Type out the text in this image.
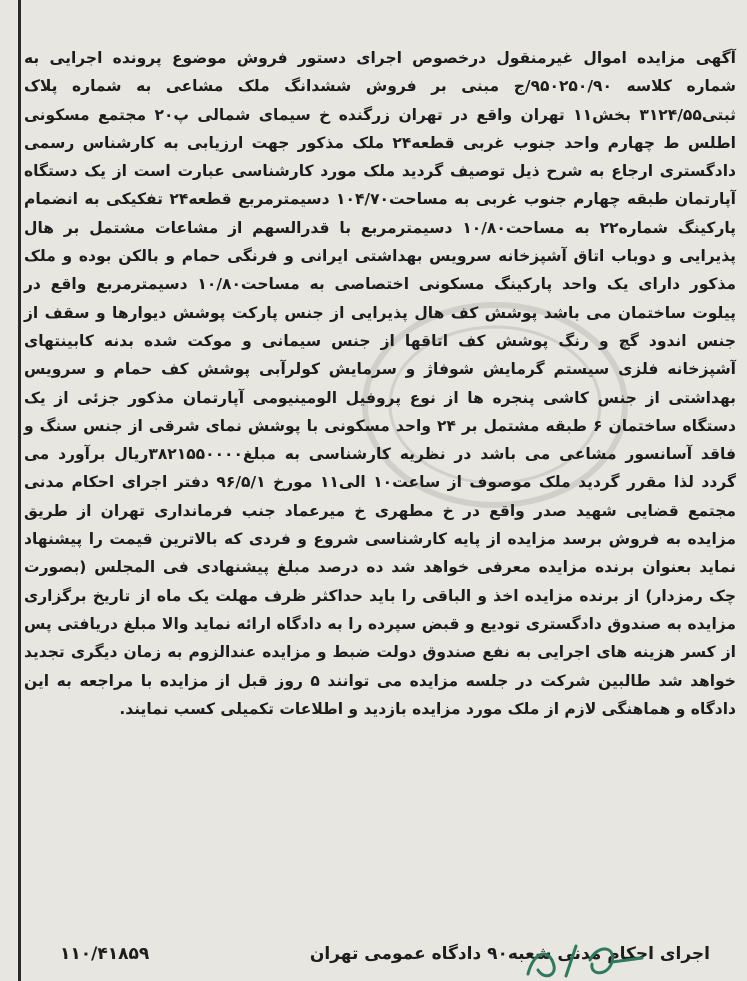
آگهی مزایده اموال غیرمنقول درخصوص اجرای دستور فروش موضوع پرونده اجرایی به شماره کلاسه ۹۵۰۲۵۰/۹۰/ج مبنی بر فروش ششدانگ ملک مشاعی به شماره پلاک ثبتی۳۱۲۴/۵۵ بخش۱۱ تهران واقع در تهران زرگنده خ سیمای شمالی پ۲۰ مجتمع مسکونی اطلس ط چهارم واحد جنوب غربی قطعه۲۴ ملک مذکور جهت ارزیابی به کارشناس رسمی دادگستری ارجاع به شرح ذیل توصیف گردید ملک مورد کارشناسی عبارت است از یک دستگاه آپارتمان طبقه چهارم جنوب غربی به مساحت۱۰۴/۷۰ دسیمترمربع قطعه۲۴ تفکیکی به انضمام پارکینگ شماره۲۲ به مساحت۱۰/۸۰ دسیمترمربع با قدرالسهم از مشاعات مشتمل بر هال پذیرایی و دوباب اتاق آشپزخانه سرویس بهداشتی ایرانی و فرنگی حمام و بالکن بوده و ملک مذکور دارای یک واحد پارکینگ مسکونی اختصاصی به مساحت۱۰/۸۰ دسیمترمربع واقع در پیلوت ساختمان می باشد پوشش کف هال پذیرایی از جنس پارکت پوشش دیوارها و سقف از جنس اندود گچ و رنگ پوشش کف اتاقها از جنس سیمانی و موکت شده بدنه کابینتهای آشپزخانه فلزی سیستم گرمایش شوفاژ و سرمایش کولرآبی پوشش کف حمام و سرویس بهداشتی از جنس کاشی پنجره ها از نوع پروفیل الومینیومی آپارتمان مذکور جزئی از یک دستگاه ساختمان ۶ طبقه مشتمل بر ۲۴ واحد مسکونی با پوشش نمای شرقی از جنس سنگ و فاقد آسانسور مشاعی می باشد در نظریه کارشناسی به مبلغ۳۸۲۱۵۵۰۰۰۰ریال برآورد می گردد لذا مقرر گردید ملک موصوف از ساعت۱۰ الی۱۱ مورخ ۹۶/۵/۱ دفتر اجرای احکام مدنی مجتمع قضایی شهید صدر واقع در خ مطهری خ میرعماد جنب فرمانداری تهران از طریق مزایده به فروش برسد مزایده از پایه کارشناسی شروع و فردی که بالاترین قیمت را پیشنهاد نماید بعنوان برنده مزایده معرفی خواهد شد ده درصد مبلغ پیشنهادی فی المجلس (بصورت چک رمزدار) از برنده مزایده اخذ و الباقی را باید حداکثر ظرف مهلت یک ماه از تاریخ برگزاری مزایده به صندوق دادگستری تودیع و قبض سپرده را به دادگاه ارائه نماید والا مبلغ دریافتی پس از کسر هزینه های اجرایی به نفع صندوق دولت ضبط و مزایده عندالزوم به زمان دیگری تجدید خواهد شد طالبین شرکت در جلسه مزایده می توانند ۵ روز قبل از مزایده با مراجعه به این دادگاه و هماهنگی لازم از ملک مورد مزایده بازدید و اطلاعات تکمیلی کسب نمایند.

اجرای احکام مدنی شعبه۹۰ دادگاه عمومی تهران
۱۱۰/۴۱۸۵۹
